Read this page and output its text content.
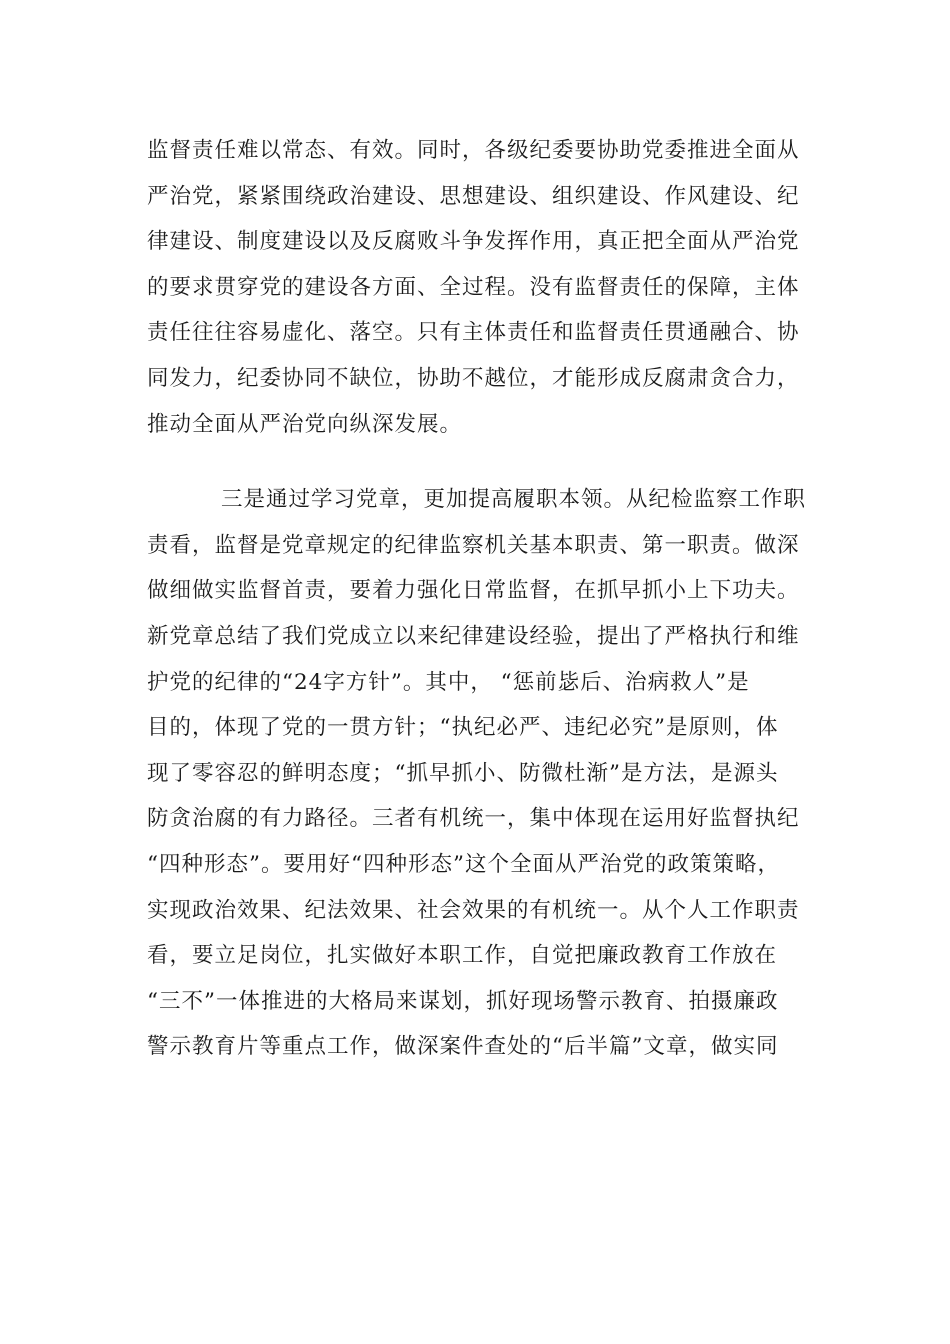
监督责任难以常态、有效。同时，各级纪委要协助党委推进全面从
严治党，紧紧围绕政治建设、思想建设、组织建设、作风建设、纪
律建设、制度建设以及反腐败斗争发挥作用，真正把全面从严治党
的要求贯穿党的建设各方面、全过程。没有监督责任的保障，主体
责任往往容易虚化、落空。只有主体责任和监督责任贯通融合、协
同发力，纪委协同不缺位，协助不越位，才能形成反腐肃贪合力，
推动全面从严治党向纵深发展。
三是通过学习党章，更加提高履职本领。从纪检监察工作职
责看，监督是党章规定的纪律监察机关基本职责、第一职责。做深
做细做实监督首责，要着力强化日常监督，在抓早抓小上下功夫。
新党章总结了我们党成立以来纪律建设经验，提出了严格执行和维
护党的纪律的“24字方针”。其中， “惩前毖后、治病救人”是
目的，体现了党的一贯方针；“执纪必严、违纪必究”是原则，体
现了零容忍的鲜明态度；“抓早抓小、防微杜渐”是方法，是源头
防贪治腐的有力路径。三者有机统一，集中体现在运用好监督执纪
“四种形态”。要用好“四种形态”这个全面从严治党的政策策略，
实现政治效果、纪法效果、社会效果的有机统一。从个人工作职责
看，要立足岗位，扎实做好本职工作，自觉把廉政教育工作放在
“三不”一体推进的大格局来谋划，抓好现场警示教育、拍摄廉政
警示教育片等重点工作，做深案件查处的“后半篇”文章，做实同
